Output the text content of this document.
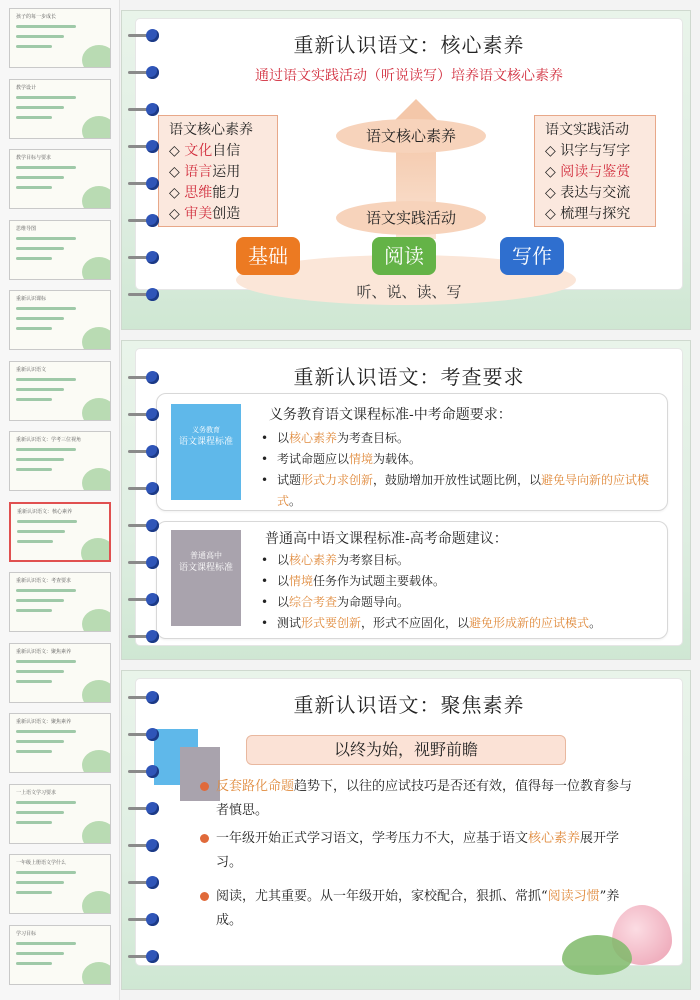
孩子的每一步成长
教学设计
教学目标与要求
思维导图
重新认识课标
重新认识语文
重新认识语文：学考三位视角
重新认识语文：核心素养
重新认识语文：考查要求
重新认识语文：聚焦素养
重新认识语文：聚焦素养
一上语文学习要求
一年级上册语文学什么
学习目标
重新认识语文：核心素养
通过语文实践活动（听说读写）培养语文核心素养
语文核心素养
◇ 文化自信
◇ 语言运用
◇ 思维能力
◇ 审美创造
语文核心素养
语文实践活动
语文实践活动
◇ 识字与写字
◇ 阅读与鉴赏
◇ 表达与交流
◇ 梳理与探究
基础	阅读	写作
听、说、读、写
重新认识语文：考查要求
义务教育
语文课程标准
义务教育语文课程标准-中考命题要求：
• 以核心素养为考查目标。
• 考试命题应以情境为载体。
• 试题形式力求创新，鼓励增加开放性试题比例，以避免导向新的应试模式。
普通高中
语文课程标准
普通高中语文课程标准-高考命题建议：
• 以核心素养为考察目标。
• 以情境任务作为试题主要载体。
• 以综合考查为命题导向。
• 测试形式要创新，形式不应固化，以避免形成新的应试模式。
重新认识语文：聚焦素养
以终为始，视野前瞻
反套路化命题趋势下，以往的应试技巧是否还有效，值得每一位教育参与者慎思。
一年级开始正式学习语文，学考压力不大，应基于语文核心素养展开学习。
阅读，尤其重要。从一年级开始，家校配合，狠抓、常抓“阅读习惯”养成。
